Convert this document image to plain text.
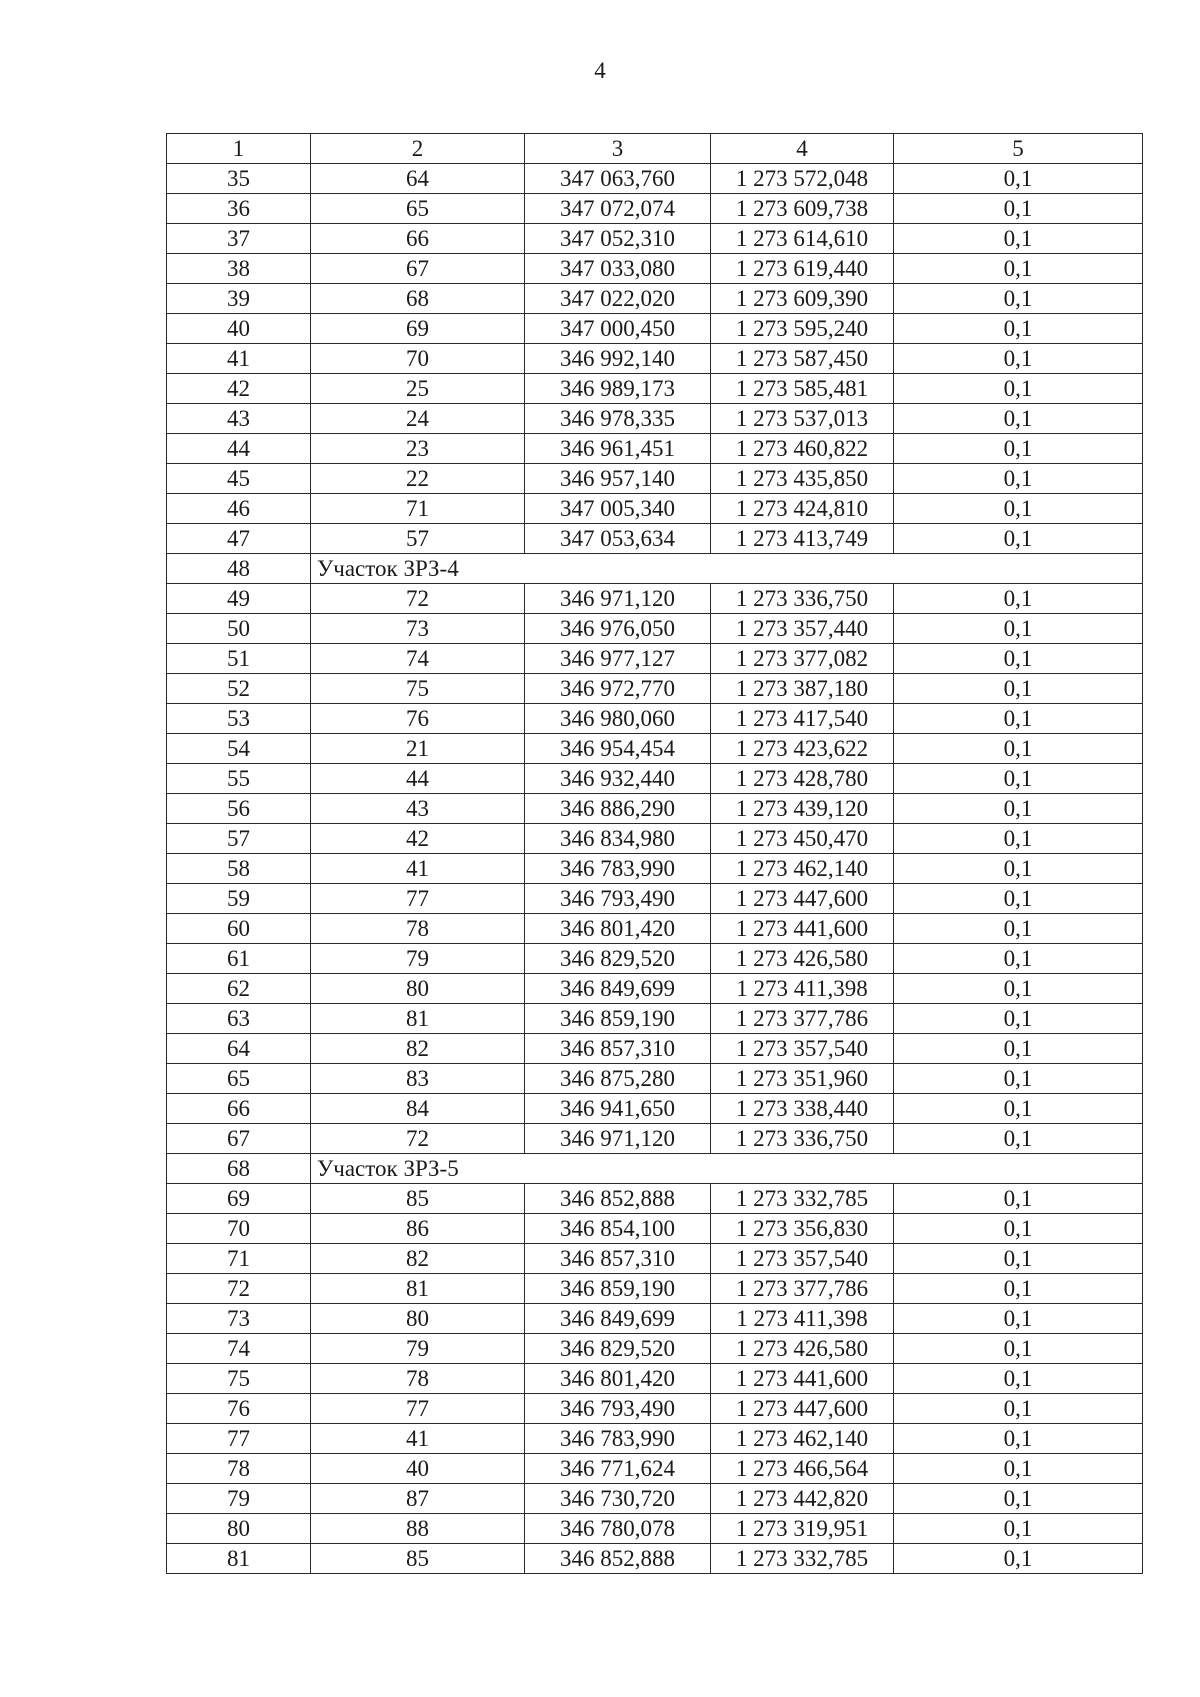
4
1	2	3	4	5
35	64	347 063,760	1 273 572,048	0,1
36	65	347 072,074	1 273 609,738	0,1
37	66	347 052,310	1 273 614,610	0,1
38	67	347 033,080	1 273 619,440	0,1
39	68	347 022,020	1 273 609,390	0,1
40	69	347 000,450	1 273 595,240	0,1
41	70	346 992,140	1 273 587,450	0,1
42	25	346 989,173	1 273 585,481	0,1
43	24	346 978,335	1 273 537,013	0,1
44	23	346 961,451	1 273 460,822	0,1
45	22	346 957,140	1 273 435,850	0,1
46	71	347 005,340	1 273 424,810	0,1
47	57	347 053,634	1 273 413,749	0,1
48	Участок ЗРЗ-4			
49	72	346 971,120	1 273 336,750	0,1
50	73	346 976,050	1 273 357,440	0,1
51	74	346 977,127	1 273 377,082	0,1
52	75	346 972,770	1 273 387,180	0,1
53	76	346 980,060	1 273 417,540	0,1
54	21	346 954,454	1 273 423,622	0,1
55	44	346 932,440	1 273 428,780	0,1
56	43	346 886,290	1 273 439,120	0,1
57	42	346 834,980	1 273 450,470	0,1
58	41	346 783,990	1 273 462,140	0,1
59	77	346 793,490	1 273 447,600	0,1
60	78	346 801,420	1 273 441,600	0,1
61	79	346 829,520	1 273 426,580	0,1
62	80	346 849,699	1 273 411,398	0,1
63	81	346 859,190	1 273 377,786	0,1
64	82	346 857,310	1 273 357,540	0,1
65	83	346 875,280	1 273 351,960	0,1
66	84	346 941,650	1 273 338,440	0,1
67	72	346 971,120	1 273 336,750	0,1
68	Участок ЗРЗ-5			
69	85	346 852,888	1 273 332,785	0,1
70	86	346 854,100	1 273 356,830	0,1
71	82	346 857,310	1 273 357,540	0,1
72	81	346 859,190	1 273 377,786	0,1
73	80	346 849,699	1 273 411,398	0,1
74	79	346 829,520	1 273 426,580	0,1
75	78	346 801,420	1 273 441,600	0,1
76	77	346 793,490	1 273 447,600	0,1
77	41	346 783,990	1 273 462,140	0,1
78	40	346 771,624	1 273 466,564	0,1
79	87	346 730,720	1 273 442,820	0,1
80	88	346 780,078	1 273 319,951	0,1
81	85	346 852,888	1 273 332,785	0,1
